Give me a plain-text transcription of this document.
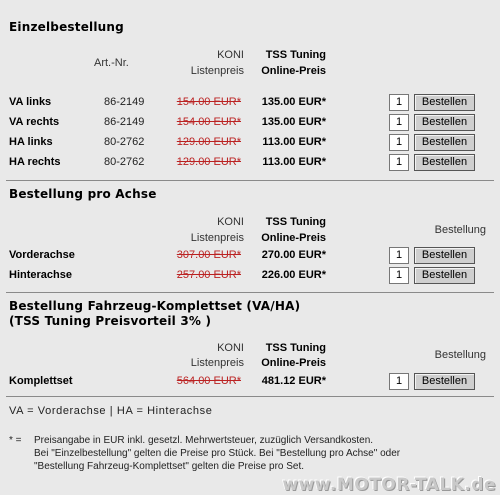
Einzelbestellung
KONI
Listenpreis
TSS Tuning
Online-Preis
Art.-Nr.
VA links	86-2149	154.00 EUR* 135.00 EUR*	1	Bestellen
VA rechts	86-2149	154.00 EUR* 135.00 EUR*	1	Bestellen
HA links	80-2762	129.00 EUR* 113.00 EUR*	1	Bestellen
HA rechts	80-2762	129.00 EUR* 113.00 EUR*	1	Bestellen
Bestellung pro Achse
KONI
Listenpreis
TSS Tuning
Online-Preis
Bestellung
Vorderachse	307.00 EUR* 270.00 EUR*	1	Bestellen
Hinterachse	257.00 EUR* 226.00 EUR*	1	Bestellen
Bestellung Fahrzeug-Komplettset (VA/HA)
(TSS Tuning Preisvorteil 3% )
KONI
Listenpreis
TSS Tuning
Online-Preis
Bestellung
Komplettset	564.00 EUR* 481.12 EUR*	1	Bestellen
VA = Vorderachse | HA = Hinterachse
* = Preisangabe in EUR inkl. gesetzl. Mehrwertsteuer, zuzüglich Versandkosten.
Bei "Einzelbestellung" gelten die Preise pro Stück. Bei "Bestellung pro Achse" oder
"Bestellung Fahrzeug-Komplettset" gelten die Preise pro Set.
www.MOTOR-TALK.de
